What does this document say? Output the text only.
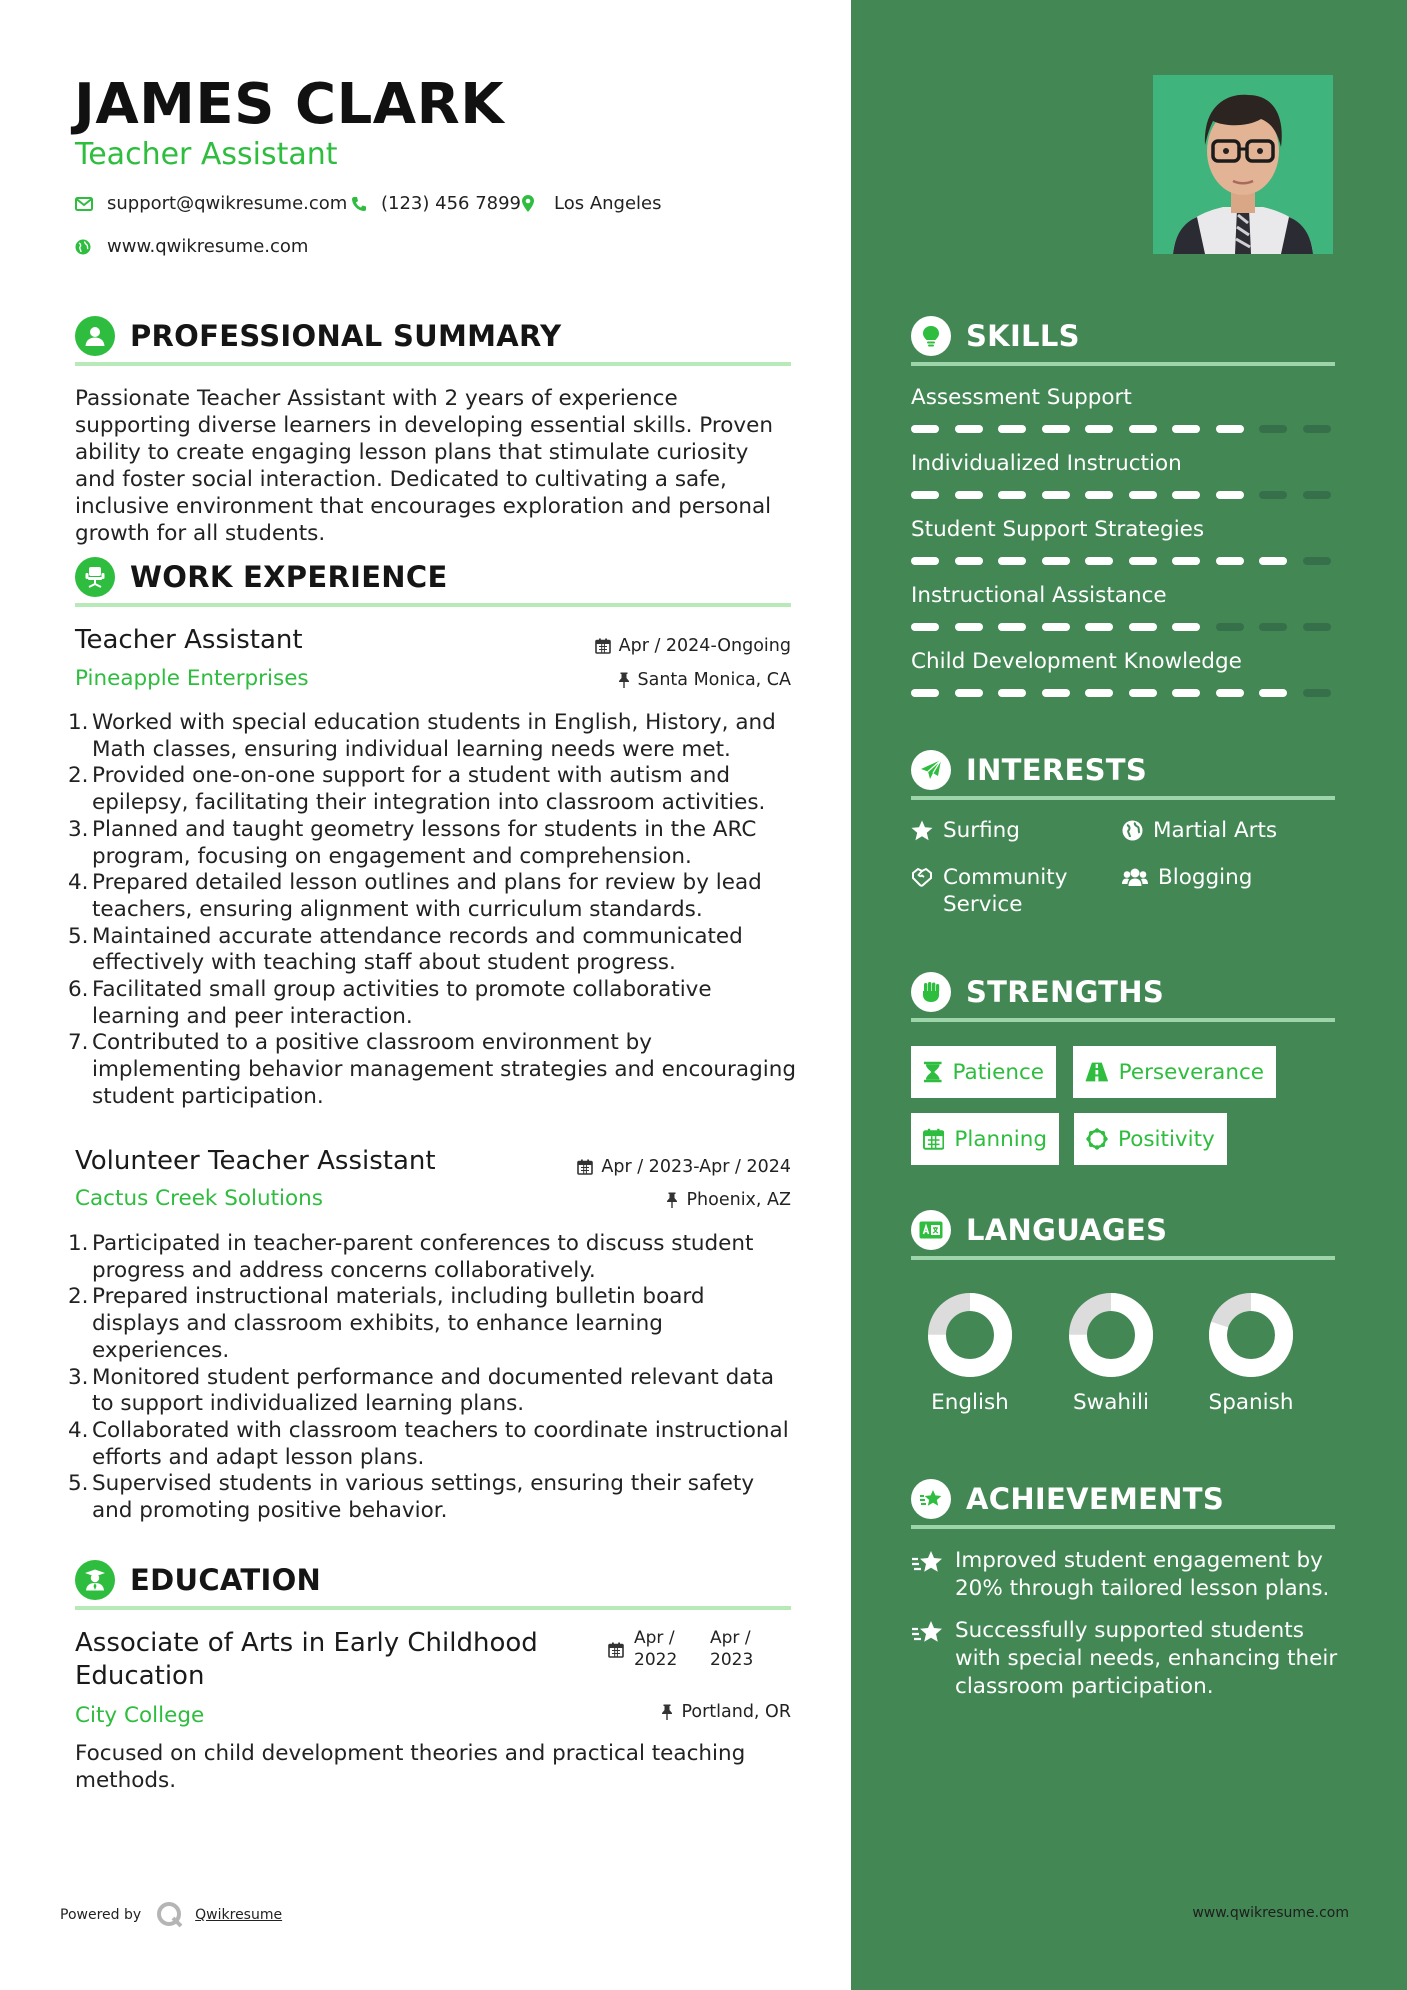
JAMES CLARK
Teacher Assistant
support@qwikresume.com (123) 456 7899 Los Angeles
www.qwikresume.com
PROFESSIONAL SUMMARY
Passionate Teacher Assistant with 2 years of experience supporting diverse learners in developing essential skills. Proven ability to create engaging lesson plans that stimulate curiosity and foster social interaction. Dedicated to cultivating a safe, inclusive environment that encourages exploration and personal growth for all students.
WORK EXPERIENCE
Teacher Assistant
Pineapple Enterprises
Apr / 2024-Ongoing
Santa Monica, CA
1. Worked with special education students in English, History, and Math classes, ensuring individual learning needs were met.
2. Provided one-on-one support for a student with autism and epilepsy, facilitating their integration into classroom activities.
3. Planned and taught geometry lessons for students in the ARC program, focusing on engagement and comprehension.
4. Prepared detailed lesson outlines and plans for review by lead teachers, ensuring alignment with curriculum standards.
5. Maintained accurate attendance records and communicated effectively with teaching staff about student progress.
6. Facilitated small group activities to promote collaborative learning and peer interaction.
7. Contributed to a positive classroom environment by implementing behavior management strategies and encouraging student participation.
Volunteer Teacher Assistant
Cactus Creek Solutions
Apr / 2023-Apr / 2024
Phoenix, AZ
1. Participated in teacher-parent conferences to discuss student progress and address concerns collaboratively.
2. Prepared instructional materials, including bulletin board displays and classroom exhibits, to enhance learning experiences.
3. Monitored student performance and documented relevant data to support individualized learning plans.
4. Collaborated with classroom teachers to coordinate instructional efforts and adapt lesson plans.
5. Supervised students in various settings, ensuring their safety and promoting positive behavior.
EDUCATION
Associate of Arts in Early Childhood Education
City College
Apr / 2022
Apr / 2023
Portland, OR
Focused on child development theories and practical teaching methods.
SKILLS
Assessment Support
Individualized Instruction
Student Support Strategies
Instructional Assistance
Child Development Knowledge
INTERESTS
Surfing	Martial Arts
Community Service
Blogging
STRENGTHS
Patience	Perseverance
Planning	Positivity
LANGUAGES
English	Swahili	Spanish
ACHIEVEMENTS
Improved student engagement by 20% through tailored lesson plans.
Successfully supported students with special needs, enhancing their classroom participation.
Powered by	Qwikresume	www.qwikresume.com
